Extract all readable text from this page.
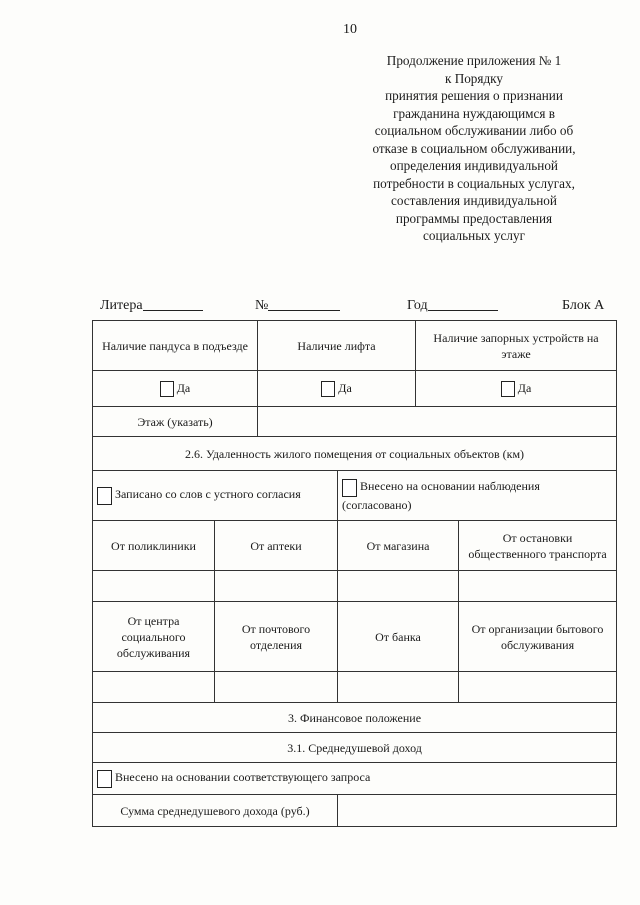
10
Продолжение приложения № 1
к Порядку
принятия решения о признании
гражданина нуждающимся в
социальном обслуживании либо об
отказе в социальном обслуживании,
определения индивидуальной
потребности в социальных услугах,
составления индивидуальной
программы предоставления
социальных услуг
Литера	№	Год	Блок А
Наличие пандуса в подъезде		Наличие лифта		Наличие запорных устройств на этаже	
Да		Да		Да	
Этаж (указать)					
2.6. Удаленность жилого помещения от социальных объектов (км)					
Записано со слов с устного согласия			Внесено на основании наблюдения (согласовано)		
От поликлиники	От аптеки		От магазина		От остановки общественного транспорта

От центра социального обслуживания	От почтового отделения		От банка		От организации бытового обслуживания

3. Финансовое положение					
3.1. Среднедушевой доход					
Внесено на основании соответствующего запроса					
Сумма среднедушевого дохода (руб.)					
